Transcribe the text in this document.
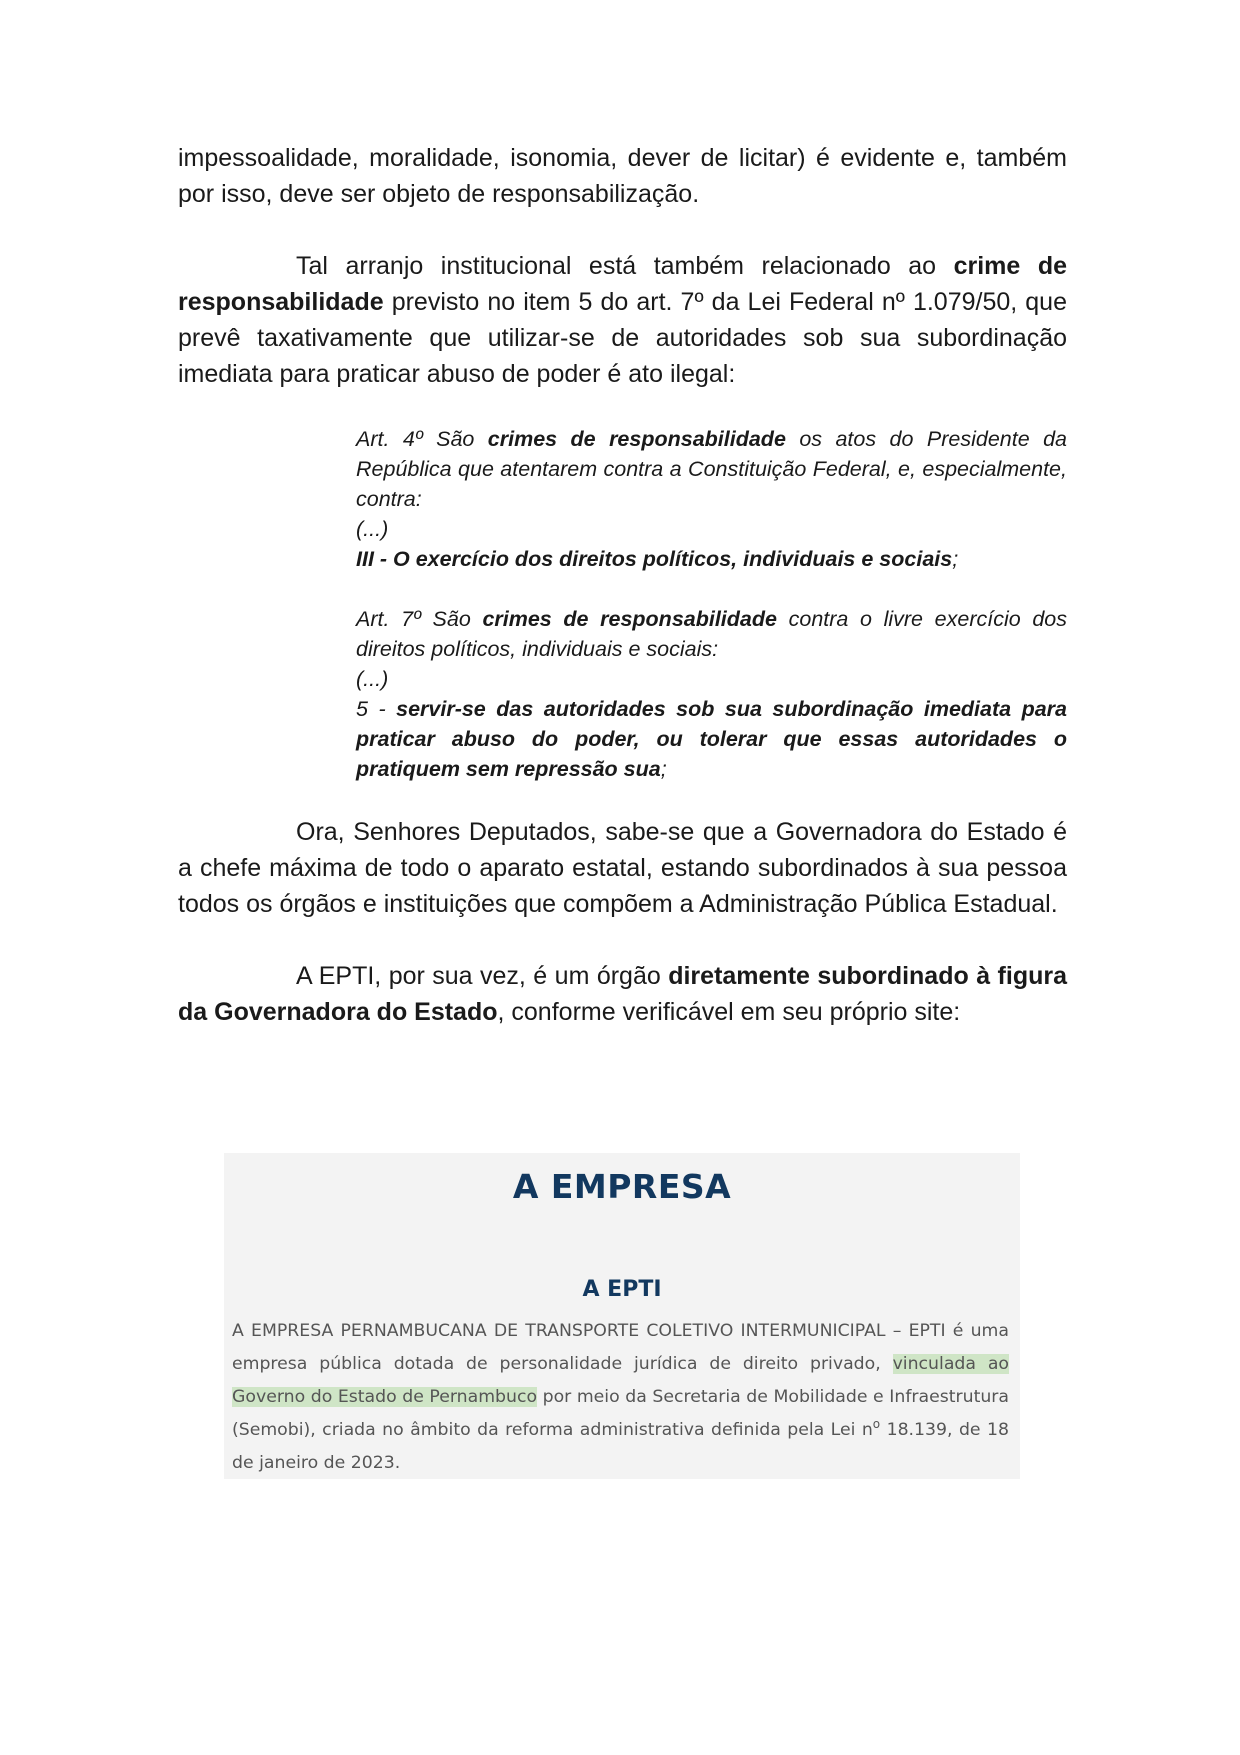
impessoalidade, moralidade, isonomia, dever de licitar) é evidente e, também por isso, deve ser objeto de responsabilização.

Tal arranjo institucional está também relacionado ao crime de responsabilidade previsto no item 5 do art. 7º da Lei Federal nº 1.079/50, que prevê taxativamente que utilizar-se de autoridades sob sua subordinação imediata para praticar abuso de poder é ato ilegal:

Art. 4º São crimes de responsabilidade os atos do Presidente da República que atentarem contra a Constituição Federal, e, especialmente, contra:

(...)

III - O exercício dos direitos políticos, individuais e sociais;

Art. 7º São crimes de responsabilidade contra o livre exercício dos direitos políticos, individuais e sociais:

(...)

5 - servir-se das autoridades sob sua subordinação imediata para praticar abuso do poder, ou tolerar que essas autoridades o pratiquem sem repressão sua;

Ora, Senhores Deputados, sabe-se que a Governadora do Estado é a chefe máxima de todo o aparato estatal, estando subordinados à sua pessoa todos os órgãos e instituições que compõem a Administração Pública Estadual.

A EPTI, por sua vez, é um órgão diretamente subordinado à figura da Governadora do Estado, conforme verificável em seu próprio site:

A EMPRESA
A EPTI

A EMPRESA PERNAMBUCANA DE TRANSPORTE COLETIVO INTERMUNICIPAL – EPTI é uma empresa pública dotada de personalidade jurídica de direito privado, vinculada ao Governo do Estado de Pernambuco por meio da Secretaria de Mobilidade e Infraestrutura (Semobi), criada no âmbito da reforma administrativa definida pela Lei $n^o$ 18.139, de 18 de janeiro de 2023.
